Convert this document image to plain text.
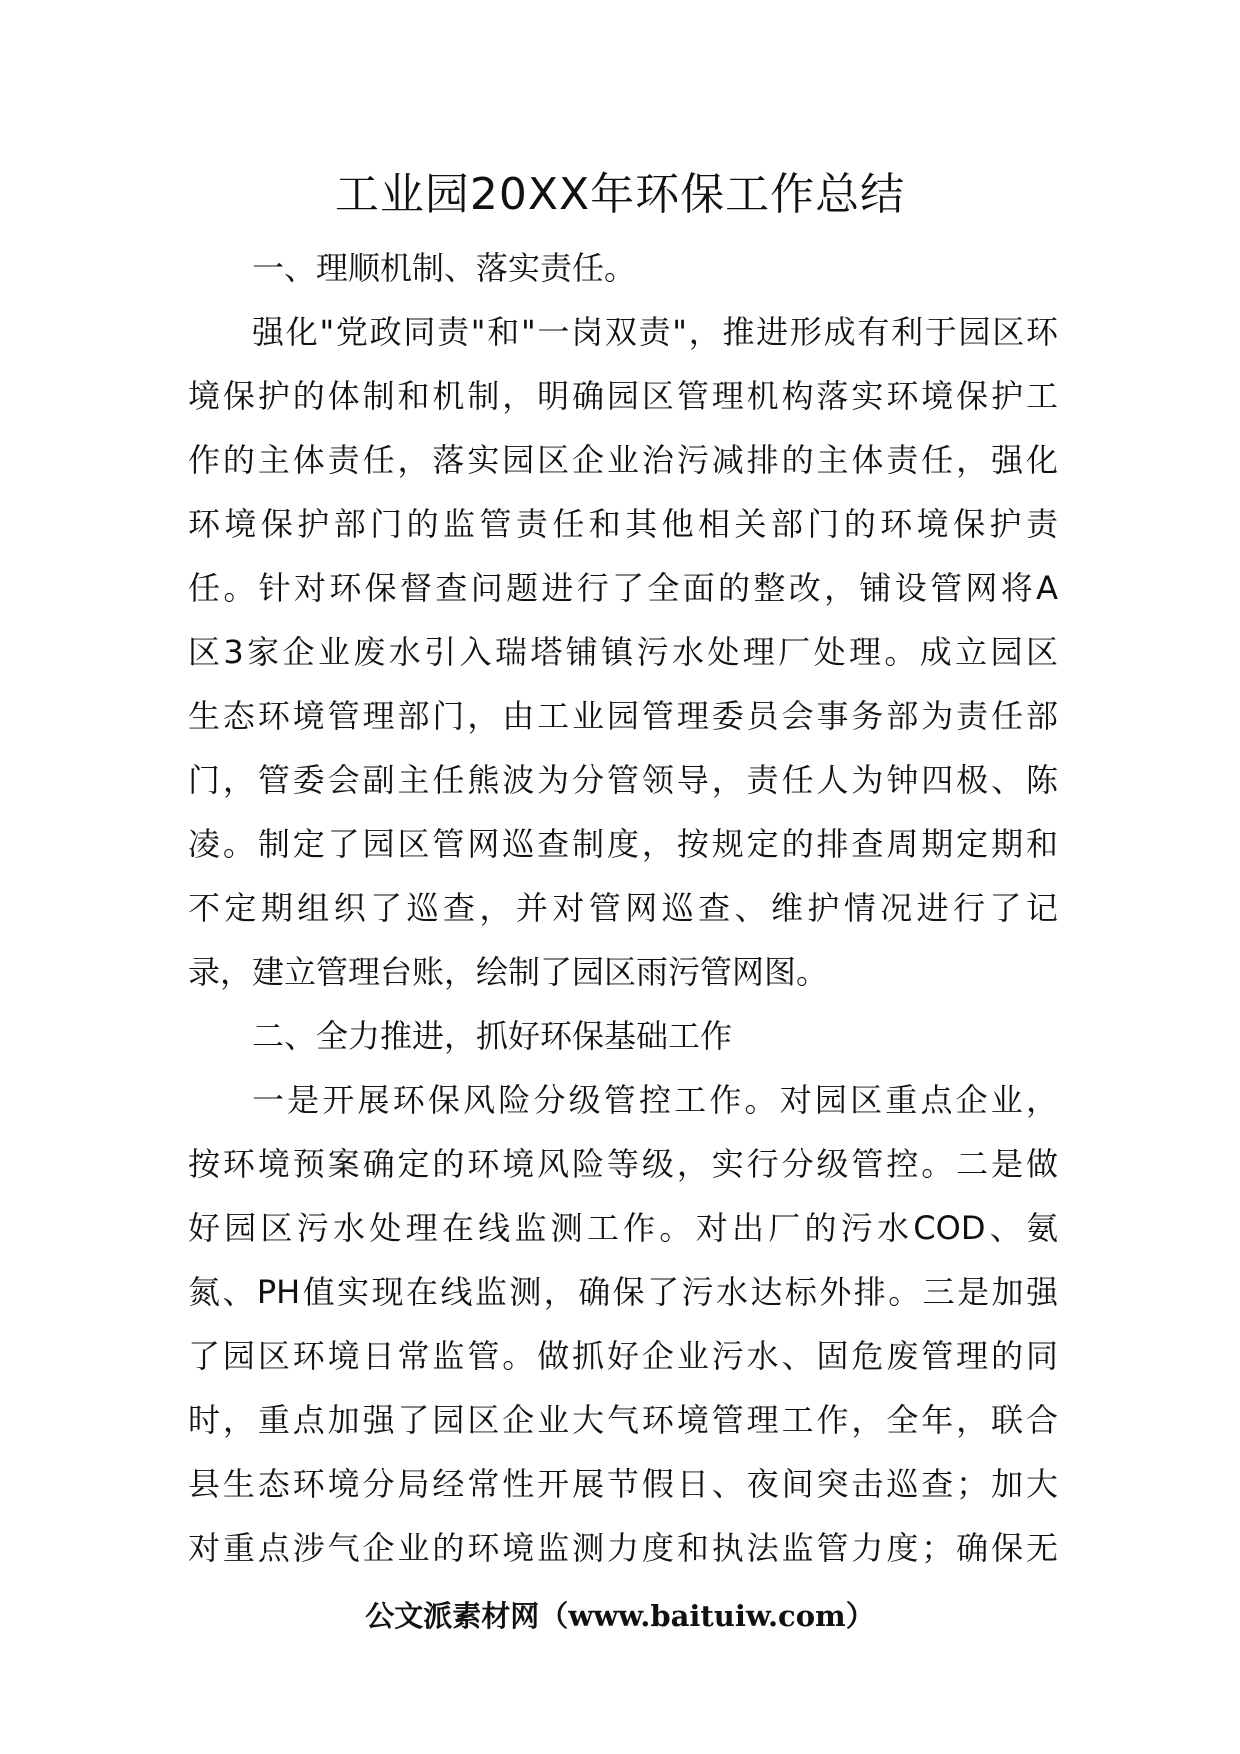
工业园20XX年环保工作总结
一、理顺机制、落实责任。
强化"党政同责"和"一岗双责"，推进形成有利于园区环
境保护的体制和机制，明确园区管理机构落实环境保护工
作的主体责任，落实园区企业治污减排的主体责任，强化
环境保护部门的监管责任和其他相关部门的环境保护责
任。针对环保督查问题进行了全面的整改，铺设管网将A
区3家企业废水引入瑞塔铺镇污水处理厂处理。成立园区
生态环境管理部门，由工业园管理委员会事务部为责任部
门，管委会副主任熊波为分管领导，责任人为钟四极、陈
凌。制定了园区管网巡查制度，按规定的排查周期定期和
不定期组织了巡查，并对管网巡查、维护情况进行了记
录，建立管理台账，绘制了园区雨污管网图。
二、全力推进，抓好环保基础工作
一是开展环保风险分级管控工作。对园区重点企业，
按环境预案确定的环境风险等级，实行分级管控。二是做
好园区污水处理在线监测工作。对出厂的污水COD、氨
氮、PH值实现在线监测，确保了污水达标外排。三是加强
了园区环境日常监管。做抓好企业污水、固危废管理的同
时，重点加强了园区企业大气环境管理工作，全年，联合
县生态环境分局经常性开展节假日、夜间突击巡查；加大
对重点涉气企业的环境监测力度和执法监管力度；确保无
公文派素材网（www.baituiw.com）
